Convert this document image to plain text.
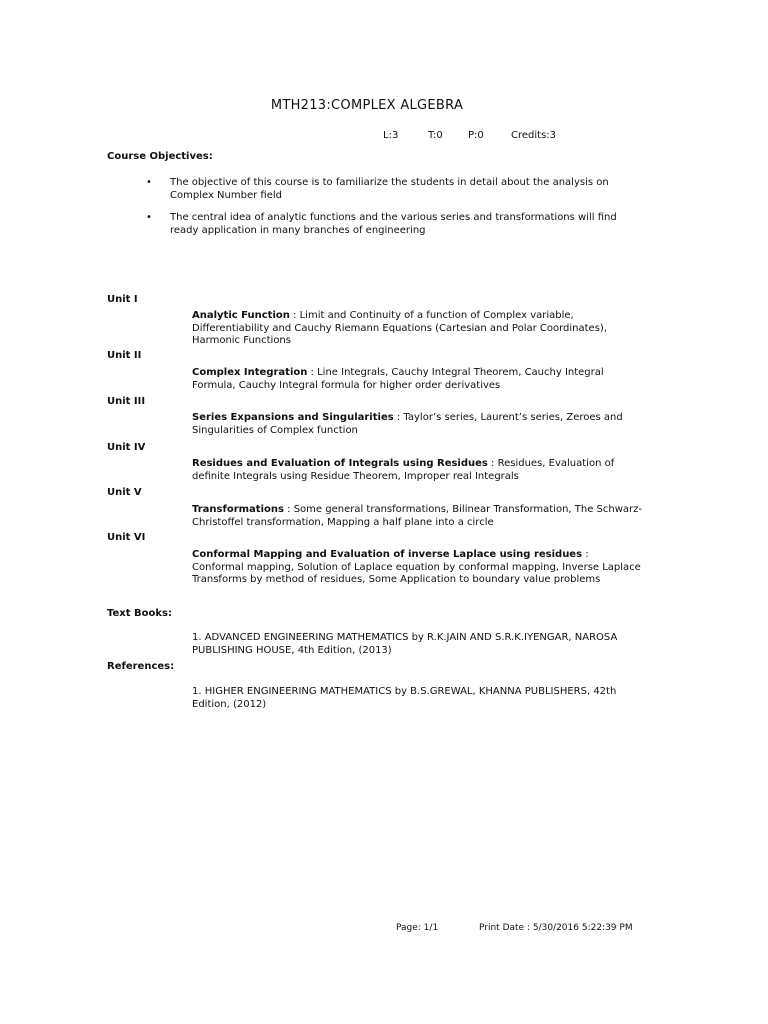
MTH213:COMPLEX ALGEBRA
L:3	T:0	P:0	Credits:3
Course Objectives:
• The objective of this course is to familiarize the students in detail about the analysis on Complex Number field
• The central idea of analytic functions and the various series and transformations will find ready application in many branches of engineering
Unit I
Analytic Function : Limit and Continuity of a function of Complex variable, Differentiability and Cauchy Riemann Equations (Cartesian and Polar Coordinates), Harmonic Functions
Unit II
Complex Integration : Line Integrals, Cauchy Integral Theorem, Cauchy Integral Formula, Cauchy Integral formula for higher order derivatives
Unit III
Series Expansions and Singularities : Taylor’s series, Laurent’s series, Zeroes and Singularities of Complex function
Unit IV
Residues and Evaluation of Integrals using Residues : Residues, Evaluation of definite Integrals using Residue Theorem, Improper real Integrals
Unit V
Transformations : Some general transformations, Bilinear Transformation, The Schwarz-Christoffel transformation, Mapping a half plane into a circle
Unit VI
Conformal Mapping and Evaluation of inverse Laplace using residues : Conformal mapping, Solution of Laplace equation by conformal mapping, Inverse Laplace Transforms by method of residues, Some Application to boundary value problems
Text Books:
1. ADVANCED ENGINEERING MATHEMATICS by R.K.JAIN AND S.R.K.IYENGAR, NAROSA PUBLISHING HOUSE, 4th Edition, (2013)
References:
1. HIGHER ENGINEERING MATHEMATICS by B.S.GREWAL, KHANNA PUBLISHERS, 42th Edition, (2012)
Page: 1/1	Print Date : 5/30/2016 5:22:39 PM
